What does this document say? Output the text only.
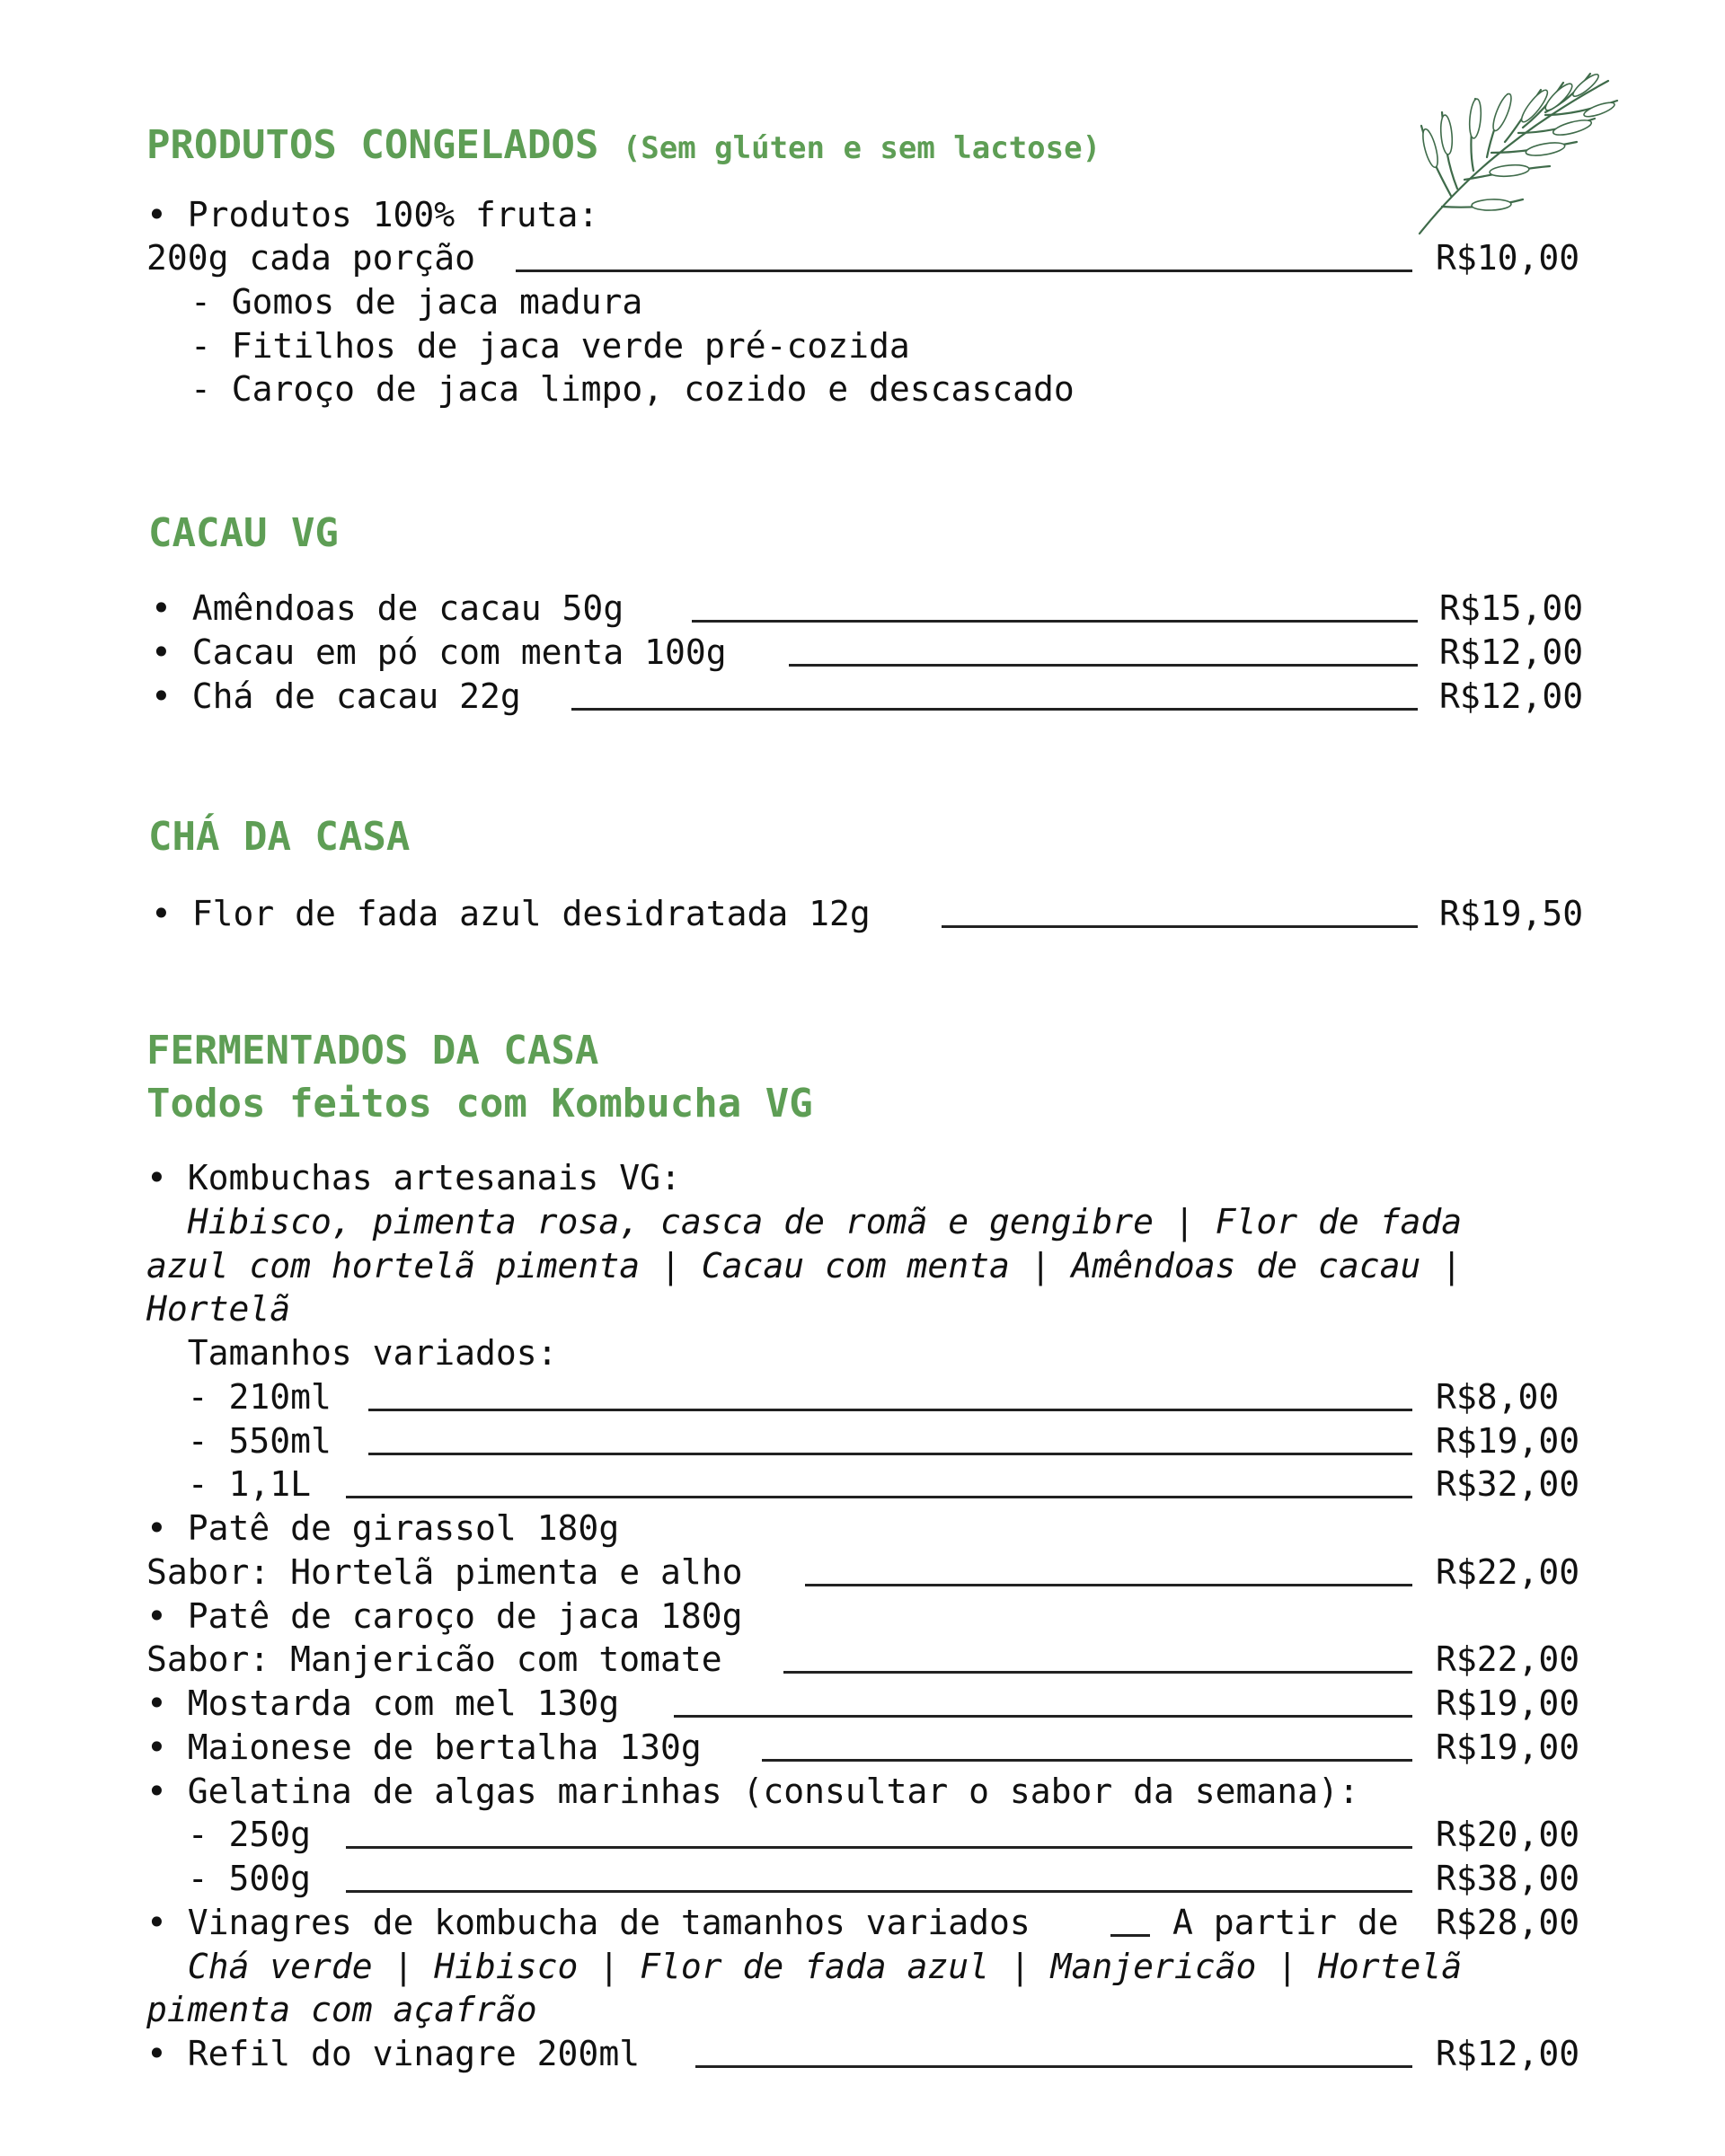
PRODUTOS CONGELADOS (Sem glúten e sem lactose)
• Produtos 100% fruta:
200g cada porção	R$10,00
- Gomos de jaca madura
- Fitilhos de jaca verde pré-cozida
- Caroço de jaca limpo, cozido e descascado
CACAU VG
• Amêndoas de cacau 50g	R$15,00
• Cacau em pó com menta 100g	R$12,00
• Chá de cacau 22g	R$12,00
CHÁ DA CASA
• Flor de fada azul desidratada 12g	R$19,50
FERMENTADOS DA CASA
Todos feitos com Kombucha VG
• Kombuchas artesanais VG:
Hibisco, pimenta rosa, casca de romã e gengibre | Flor de fada
azul com hortelã pimenta | Cacau com menta | Amêndoas de cacau |
Hortelã
Tamanhos variados:
- 210ml	R$8,00
- 550ml	R$19,00
- 1,1L	R$32,00
• Patê de girassol 180g
Sabor: Hortelã pimenta e alho	R$22,00
• Patê de caroço de jaca 180g
Sabor: Manjericão com tomate	R$22,00
• Mostarda com mel 130g	R$19,00
• Maionese de bertalha 130g	R$19,00
• Gelatina de algas marinhas (consultar o sabor da semana):
- 250g	R$20,00
- 500g	R$38,00
• Vinagres de kombucha de tamanhos variados	A partir de R$28,00
Chá verde | Hibisco | Flor de fada azul | Manjericão | Hortelã
pimenta com açafrão
• Refil do vinagre 200ml	R$12,00
